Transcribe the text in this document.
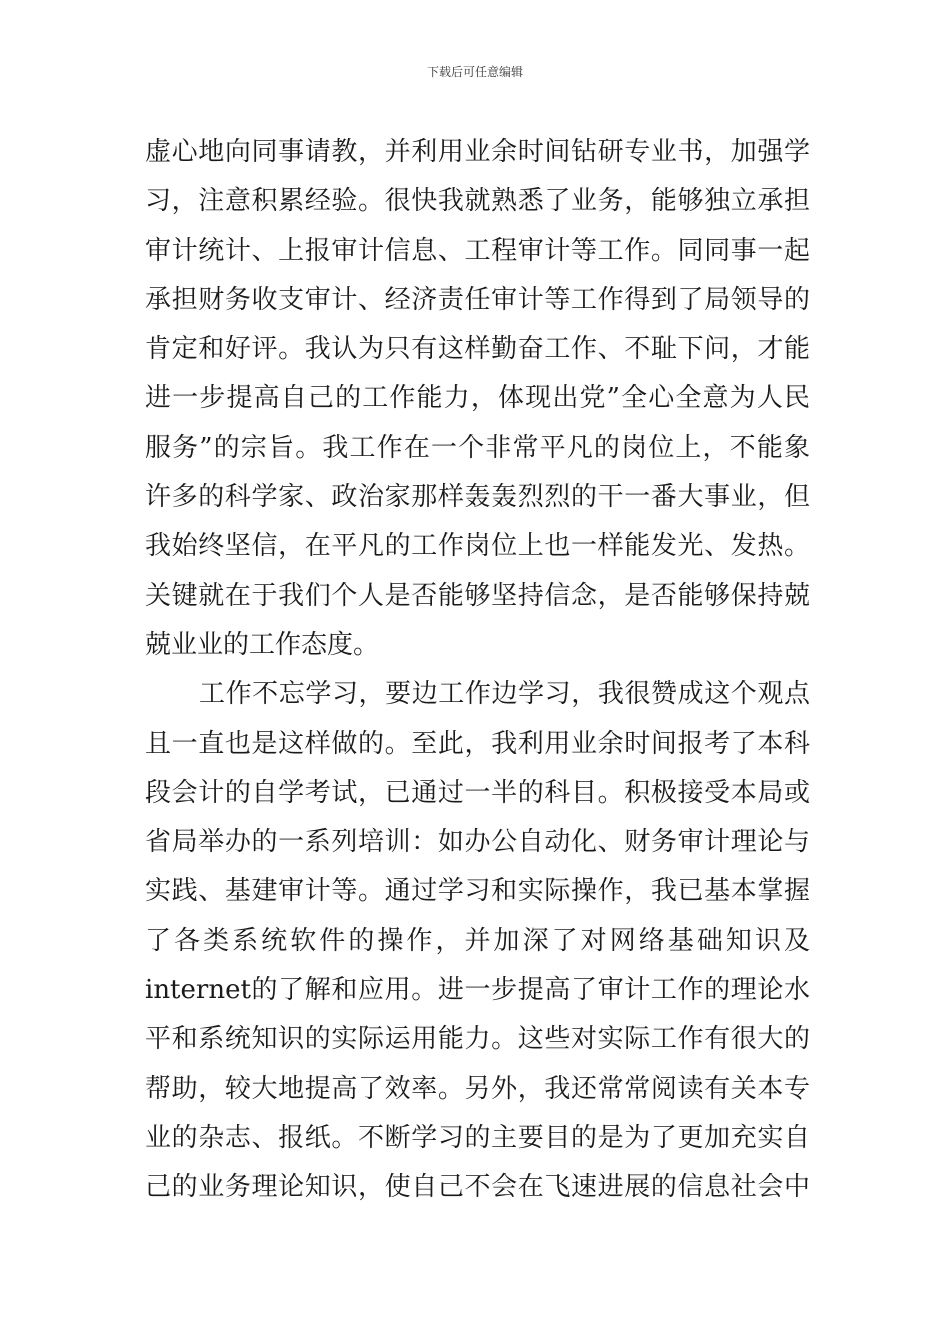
下载后可任意编辑
虚心地向同事请教，并利用业余时间钻研专业书，加强学
习，注意积累经验。很快我就熟悉了业务，能够独立承担
审计统计、上报审计信息、工程审计等工作。同同事一起
承担财务收支审计、经济责任审计等工作得到了局领导的
肯定和好评。我认为只有这样勤奋工作、不耻下问，才能
进一步提高自己的工作能力，体现出党”全心全意为人民
服务”的宗旨。我工作在一个非常平凡的岗位上，不能象
许多的科学家、政治家那样轰轰烈烈的干一番大事业，但
我始终坚信，在平凡的工作岗位上也一样能发光、发热。
关键就在于我们个人是否能够坚持信念，是否能够保持兢
兢业业的工作态度。
工作不忘学习，要边工作边学习，我很赞成这个观点
且一直也是这样做的。至此，我利用业余时间报考了本科
段会计的自学考试，已通过一半的科目。积极接受本局或
省局举办的一系列培训：如办公自动化、财务审计理论与
实践、基建审计等。通过学习和实际操作，我已基本掌握
了各类系统软件的操作，并加深了对网络基础知识及
internet的了解和应用。进一步提高了审计工作的理论水
平和系统知识的实际运用能力。这些对实际工作有很大的
帮助，较大地提高了效率。另外，我还常常阅读有关本专
业的杂志、报纸。不断学习的主要目的是为了更加充实自
己的业务理论知识，使自己不会在飞速进展的信息社会中
